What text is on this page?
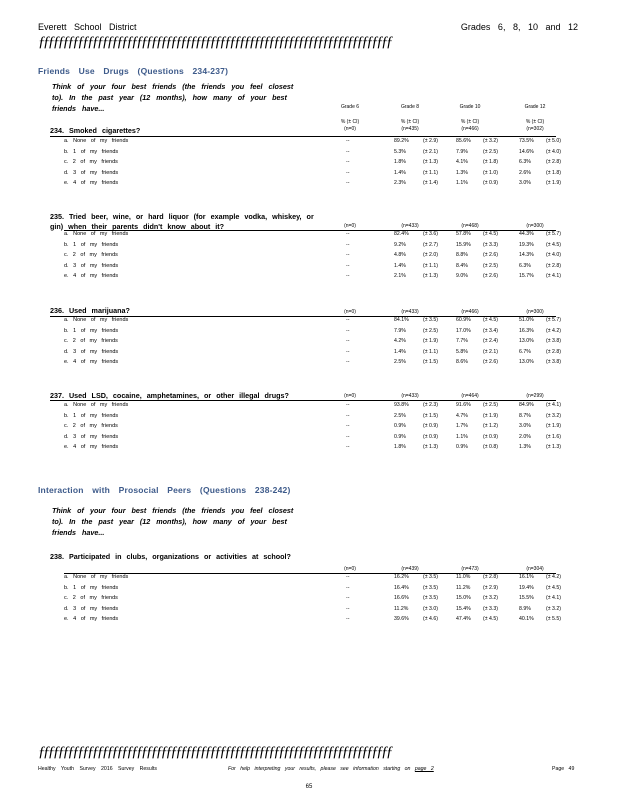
Everett School District	Grades 6, 8, 10 and 12
ƒƒƒƒƒƒƒƒƒƒƒƒƒƒƒƒƒƒƒƒƒƒƒƒƒƒƒƒƒƒƒƒƒƒƒƒƒƒƒƒƒƒƒƒƒƒƒƒƒƒƒƒƒƒƒƒƒƒƒƒƒƒƒƒƒƒƒƒƒƒƒƒ
Friends Use Drugs (Questions 234-237)
Think of your four best friends (the friends you feel closest to). In the past year (12 months), how many of your best friends have...	Grade 6	Grade 8	Grade 10	Grade 12
% (± CI)	% (± CI)	% (± CI)	% (± CI)
(n=0)	(n=435)	(n=466)	(n=302)
234. Smoked cigarettes?
235. Tried beer, wine, or hard liquor (for example vodka, whiskey, or gin) when their parents didn't know about it?
236. Used marijuana?
237. Used LSD, cocaine, amphetamines, or other illegal drugs?
Interaction with Prosocial Peers (Questions 238-242)
Think of your four best friends (the friends you feel closest to). In the past year (12 months), how many of your best friends have...
238. Participated in clubs, organizations or activities at school?
ƒƒƒƒƒƒƒƒƒƒƒƒƒƒƒƒƒƒƒƒƒƒƒƒƒƒƒƒƒƒƒƒƒƒƒƒƒƒƒƒƒƒƒƒƒƒƒƒƒƒƒƒƒƒƒƒƒƒƒƒƒƒƒƒƒƒƒƒƒƒƒƒ
Healthy Youth Survey 2016 Survey Results	For help interpreting your results, please see information starting on page 2	Page 49
65
(n=0)	(n=433)	(n=468)	(n=300)
(n=0)	(n=433)	(n=466)	(n=300)
(n=0)	(n=433)	(n=464)	(n=299)
(n=0)	(n=439)	(n=473)	(n=304)
a. None of my friends	--	89.2%	(± 2.9)	85.6% (± 3.2)	73.5% (± 5.0)
b. 1 of my friends	--	5.3%	(± 2.1)	7.9%	(± 2.5)	14.6% (± 4.0)
c. 2 of my friends	--	1.8%	(± 1.3)	4.1%	(± 1.8)	6.3%	(± 2.8)
d. 3 of my friends	--	1.4%	(± 1.1)	1.3%	(± 1.0)	2.6%	(± 1.8)
e. 4 of my friends	--	2.3%	(± 1.4)	1.1%	(± 0.9)	3.0%	(± 1.9)
a. None of my friends	--	82.4%	(± 3.6)	57.8% (± 4.5)	44.3% (± 5.7)
b. 1 of my friends	--	9.2%	(± 2.7)	15.9% (± 3.3)	19.3% (± 4.5)
c. 2 of my friends	--	4.8%	(± 2.0)	8.8%	(± 2.6)	14.3% (± 4.0)
d. 3 of my friends	--	1.4%	(± 1.1)	8.4%	(± 2.5)	6.3%	(± 2.8)
e. 4 of my friends	--	2.1%	(± 1.3)	9.0%	(± 2.6)	15.7% (± 4.1)
a. None of my friends	--	84.1%	(± 3.5)	60.9% (± 4.5)	51.0% (± 5.7)
b. 1 of my friends	--	7.9%	(± 2.5)	17.0% (± 3.4)	16.3% (± 4.2)
c. 2 of my friends	--	4.2%	(± 1.9)	7.7%	(± 2.4)	13.0% (± 3.8)
d. 3 of my friends	--	1.4%	(± 1.1)	5.8%	(± 2.1)	6.7%	(± 2.8)
e. 4 of my friends	--	2.5%	(± 1.5)	8.6%	(± 2.6)	13.0% (± 3.8)
a. None of my friends	--	93.8%	(± 2.3)	91.6% (± 2.5)	84.9% (± 4.1)
b. 1 of my friends	--	2.5%	(± 1.5)	4.7%	(± 1.9)	8.7%	(± 3.2)
c. 2 of my friends	--	0.9%	(± 0.9)	1.7%	(± 1.2)	3.0%	(± 1.9)
d. 3 of my friends	--	0.9%	(± 0.9)	1.1%	(± 0.9)	2.0%	(± 1.6)
e. 4 of my friends	--	1.8%	(± 1.3)	0.9%	(± 0.8)	1.3%	(± 1.3)
a. None of my friends	--	16.2%	(± 3.5)	11.0% (± 2.8)	16.1% (± 4.2)
b. 1 of my friends	--	16.4%	(± 3.5)	11.2% (± 2.9)	19.4% (± 4.5)
c. 2 of my friends	--	16.6%	(± 3.5)	15.0% (± 3.2)	15.5% (± 4.1)
d. 3 of my friends	--	11.2%	(± 3.0)	15.4% (± 3.3)	8.9%	(± 3.2)
e. 4 of my friends	--	39.6%	(± 4.6)	47.4% (± 4.5)	40.1% (± 5.5)
